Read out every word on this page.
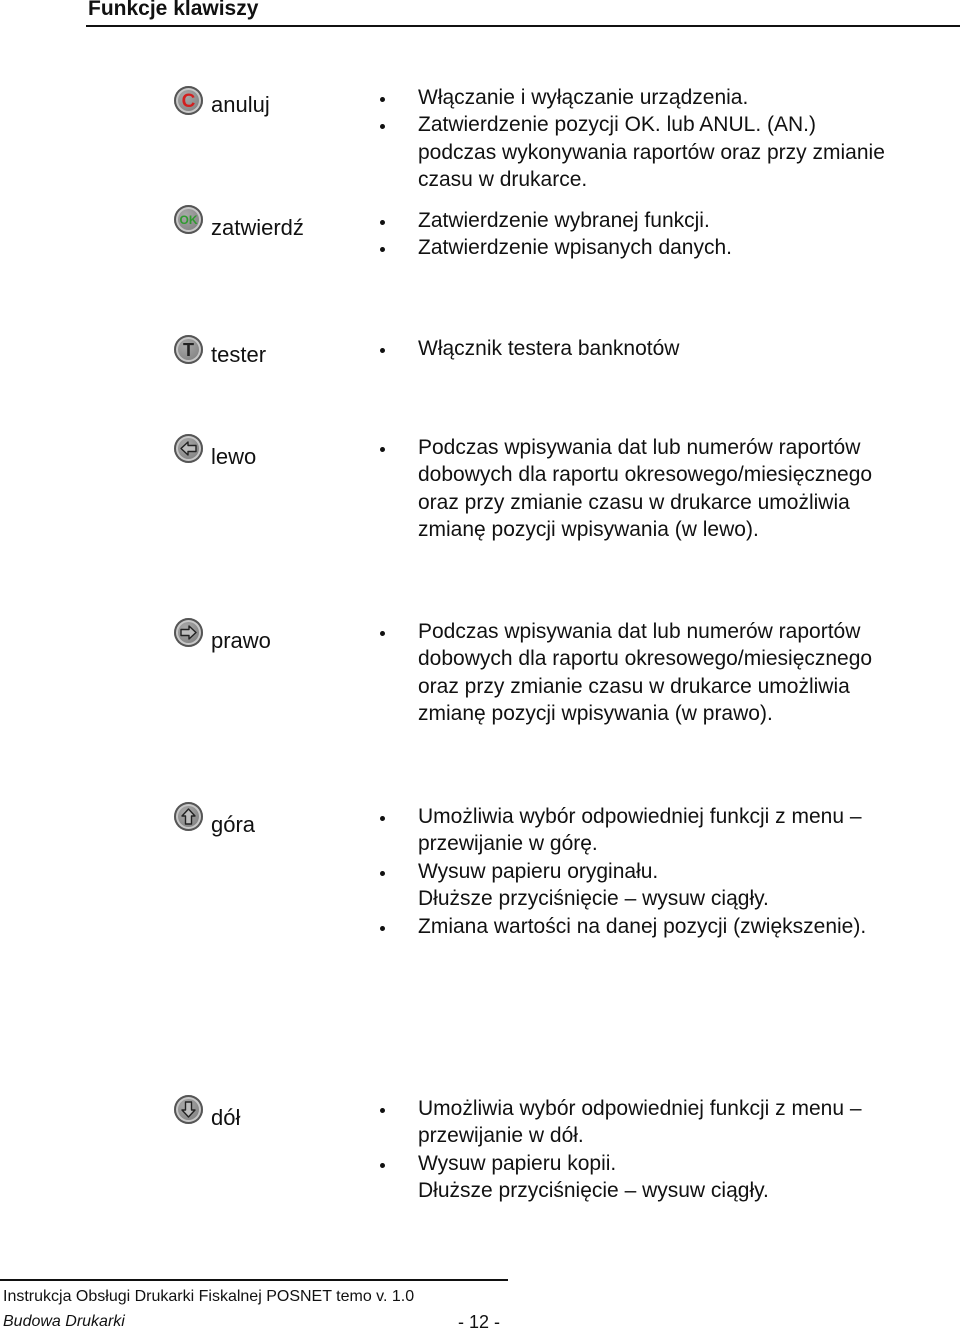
Funkcje klawiszy
C anuluj	Włączanie i wyłączanie urządzenia.
Zatwierdzenie pozycji OK. lub ANUL. (AN.)
podczas wykonywania raportów oraz przy zmianie
czasu w drukarce.
OK zatwierdź	Zatwierdzenie wybranej funkcji.
Zatwierdzenie wpisanych danych.
T tester	Włącznik testera banknotów
lewo	Podczas wpisywania dat lub numerów raportów
dobowych dla raportu okresowego/miesięcznego
oraz przy zmianie czasu w drukarce umożliwia
zmianę pozycji wpisywania (w lewo).
prawo	Podczas wpisywania dat lub numerów raportów
dobowych dla raportu okresowego/miesięcznego
oraz przy zmianie czasu w drukarce umożliwia
zmianę pozycji wpisywania (w prawo).
góra	Umożliwia wybór odpowiedniej funkcji z menu –
przewijanie w górę.
Wysuw papieru oryginału.
Dłuższe przyciśnięcie – wysuw ciągły.
Zmiana wartości na danej pozycji (zwiększenie).
dół	Umożliwia wybór odpowiedniej funkcji z menu –
przewijanie w dół.
Wysuw papieru kopii.
Dłuższe przyciśnięcie – wysuw ciągły.
Instrukcja Obsługi Drukarki Fiskalnej POSNET temo v. 1.0
Budowa Drukarki	- 12 -
